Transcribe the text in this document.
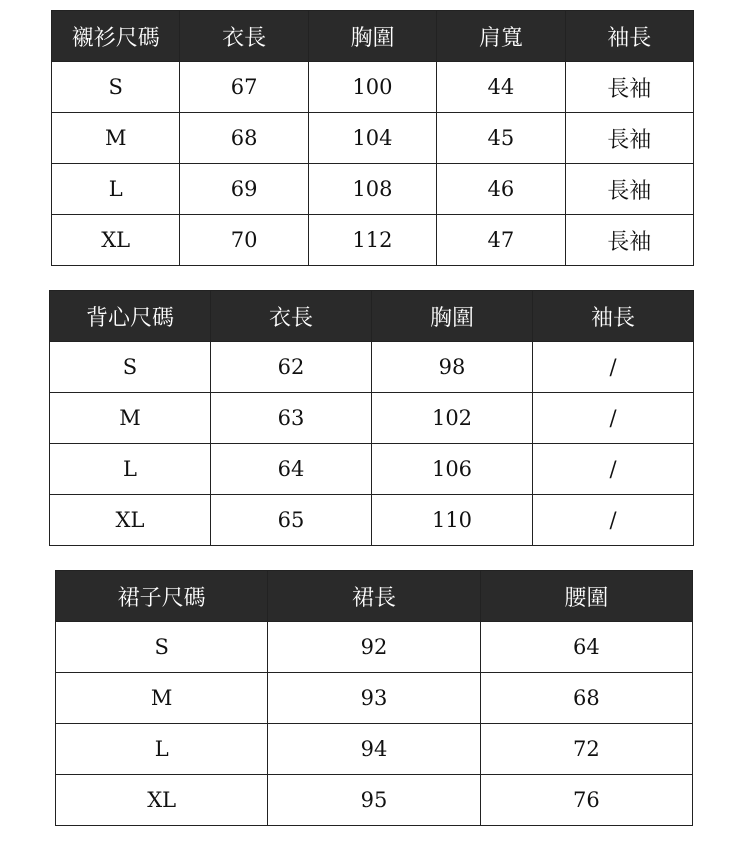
襯衫尺碼	衣長	胸圍	肩寬	袖長
S	67	100	44	長袖
M	68	104	45	長袖
L	69	108	46	長袖
XL	70	112	47	長袖
背心尺碼	衣長	胸圍	袖長
S	62	98	/
M	63	102	/
L	64	106	/
XL	65	110	/
裙子尺碼	裙長	腰圍
S	92	64
M	93	68
L	94	72
XL	95	76
